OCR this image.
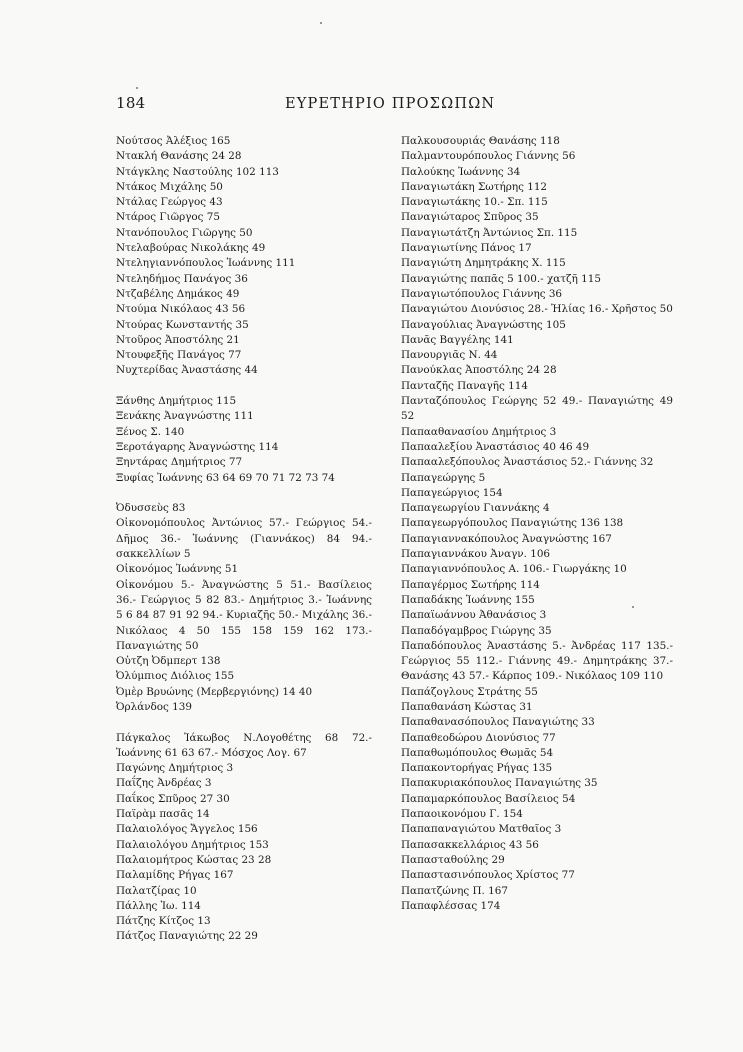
184	ΕΥΡΕΤΗΡΙΟ ΠΡΟΣΩΠΩΝ
Νούτσος Ἀλέξιος 165
Ντακλή Θανάσης 24 28
Ντάγκλης Ναστούλης 102 113
Ντάκος Μιχάλης 50
Ντάλας Γεώργος 43
Ντάρος Γιῶργος 75
Ντανόπουλος Γιῶργης 50
Ντελαβούρας Νικολάκης 49
Ντεληγιαννόπουλος Ἰωάννης 111
Ντεληδήμος Πανάγος 36
Ντζαβέλης Δημάκος 49
Ντούμα Νικόλαος 43 56
Ντούρας Κωνσταντής 35
Ντοῦρος Ἀποστόλης 21
Ντουφεξῆς Πανάγος 77
Νυχτερίδας Ἀναστάσης 44
Ξάνθης Δημήτριος 115
Ξενάκης Ἀναγνώστης 111
Ξένος Σ. 140
Ξεροτάγαρης Ἀναγνώστης 114
Ξηντάρας Δημήτριος 77
Ξυφίας Ἰωάννης 63 64 69 70 71 72 73 74
Ὀδυσσεὺς 83
Οἰκονομόπουλος Ἀντώνιος 57.- Γεώργιος 54.- Δῆμος 36.- Ἰωάννης (Γιαννάκος) 84 94.- σακκελλίων 5
Οἰκονόμος Ἰωάννης 51
Οἰκονόμου 5.- Ἀναγνώστης 5 51.- Βασίλειος 36.- Γεώργιος 5 82 83.- Δημήτριος 3.- Ἰωάννης 5 6 84 87 91 92 94.- Κυριαζῆς 50.- Μιχάλης 36.- Νικόλαος 4 50 155 158 159 162 173.- Παναγιώτης 50
Οὐτζη Ὀδμπερτ 138
Ὀλύμπιος Διόλιος 155
Ὀμὲρ Βρυώνης (Μερβεργιόνης) 14 40
Ὀρλάνδος 139
Πάγκαλος Ἰάκωβος Ν.Λογοθέτης 68 72.- Ἰωάννης 61 63 67.- Μόσχος Λογ. 67
Παγώνης Δημήτριος 3
Παΐζης Ἀνδρέας 3
Παΐκος Σπῦρος 27 30
Παϊρὰμ πασᾶς 14
Παλαιολόγος Ἄγγελος 156
Παλαιολόγου Δημήτριος 153
Παλαιομήτρος Κώστας 23 28
Παλαμίδης Ρήγας 167
Παλατζίρας 10
Πάλλης Ἰω. 114
Πάτζης Κίτζος 13
Πάτζος Παναγιώτης 22 29
Παλκουσουριάς Θανάσης 118
Παλμαντουρόπουλος Γιάννης 56
Παλούκης Ἰωάννης 34
Παναγιωτάκη Σωτήρης 112
Παναγιωτάκης 10.- Σπ. 115
Παναγιώταρος Σπῦρος 35
Παναγιωτάτζη Ἀντώνιος Σπ. 115
Παναγιωτίνης Πάνος 17
Παναγιώτη Δημητράκης Χ. 115
Παναγιώτης παπᾶς 5 100.- χατζῆ 115
Παναγιωτόπουλος Γιάννης 36
Παναγιώτου Διονύσιος 28.- Ἠλίας 16.- Χρῆστος 50
Παναγούλιας Ἀναγνώστης 105
Πανᾶς Βαγγέλης 141
Πανουργιᾶς Ν. 44
Πανούκλας Ἀποστόλης 24 28
Πανταζῆς Παναγῆς 114
Πανταζόπουλος Γεώργης 52 49.- Παναγιώτης 49 52
Παπααθανασίου Δημήτριος 3
Παπααλεξίου Ἀναστάσιος 40 46 49
Παπααλεξόπουλος Ἀναστάσιος 52.- Γιάννης 32
Παπαγεώργης 5
Παπαγεώργιος 154
Παπαγεωργίου Γιαννάκης 4
Παπαγεωργόπουλος Παναγιώτης 136 138
Παπαγιαννακόπουλος Ἀναγνώστης 167
Παπαγιαννάκου Ἀναγν. 106
Παπαγιαννόπουλος Α. 106.- Γιωργάκης 10
Παπαγέρμος Σωτήρης 114
Παπαδάκης Ἰωάννης 155
Παπαϊωάννου Ἀθανάσιος 3
Παπαδόγαμβρος Γιώργης 35
Παπαδόπουλος Ἀναστάσης 5.- Ἀνδρέας 117 135.- Γεώργιος 55 112.- Γιάννης 49.- Δημητράκης 37.- Θανάσης 43 57.- Κάρπος 109.- Νικόλαος 109 110
Παπάζογλους Στράτης 55
Παπαθανάση Κώστας 31
Παπαθανασόπουλος Παναγιώτης 33
Παπαθεοδώρου Διονύσιος 77
Παπαθωμόπουλος Θωμᾶς 54
Παπακοντορήγας Ρήγας 135
Παπακυριακόπουλος Παναγιώτης 35
Παπαμαρκόπουλος Βασίλειος 54
Παπαοικονόμου Γ. 154
Παπαπαναγιώτου Ματθαῖος 3
Παπασακκελλάριος 43 56
Παπασταθούλης 29
Παπαστασινόπουλος Χρίστος 77
Παπατζώνης Π. 167
Παπαφλέσσας 174
